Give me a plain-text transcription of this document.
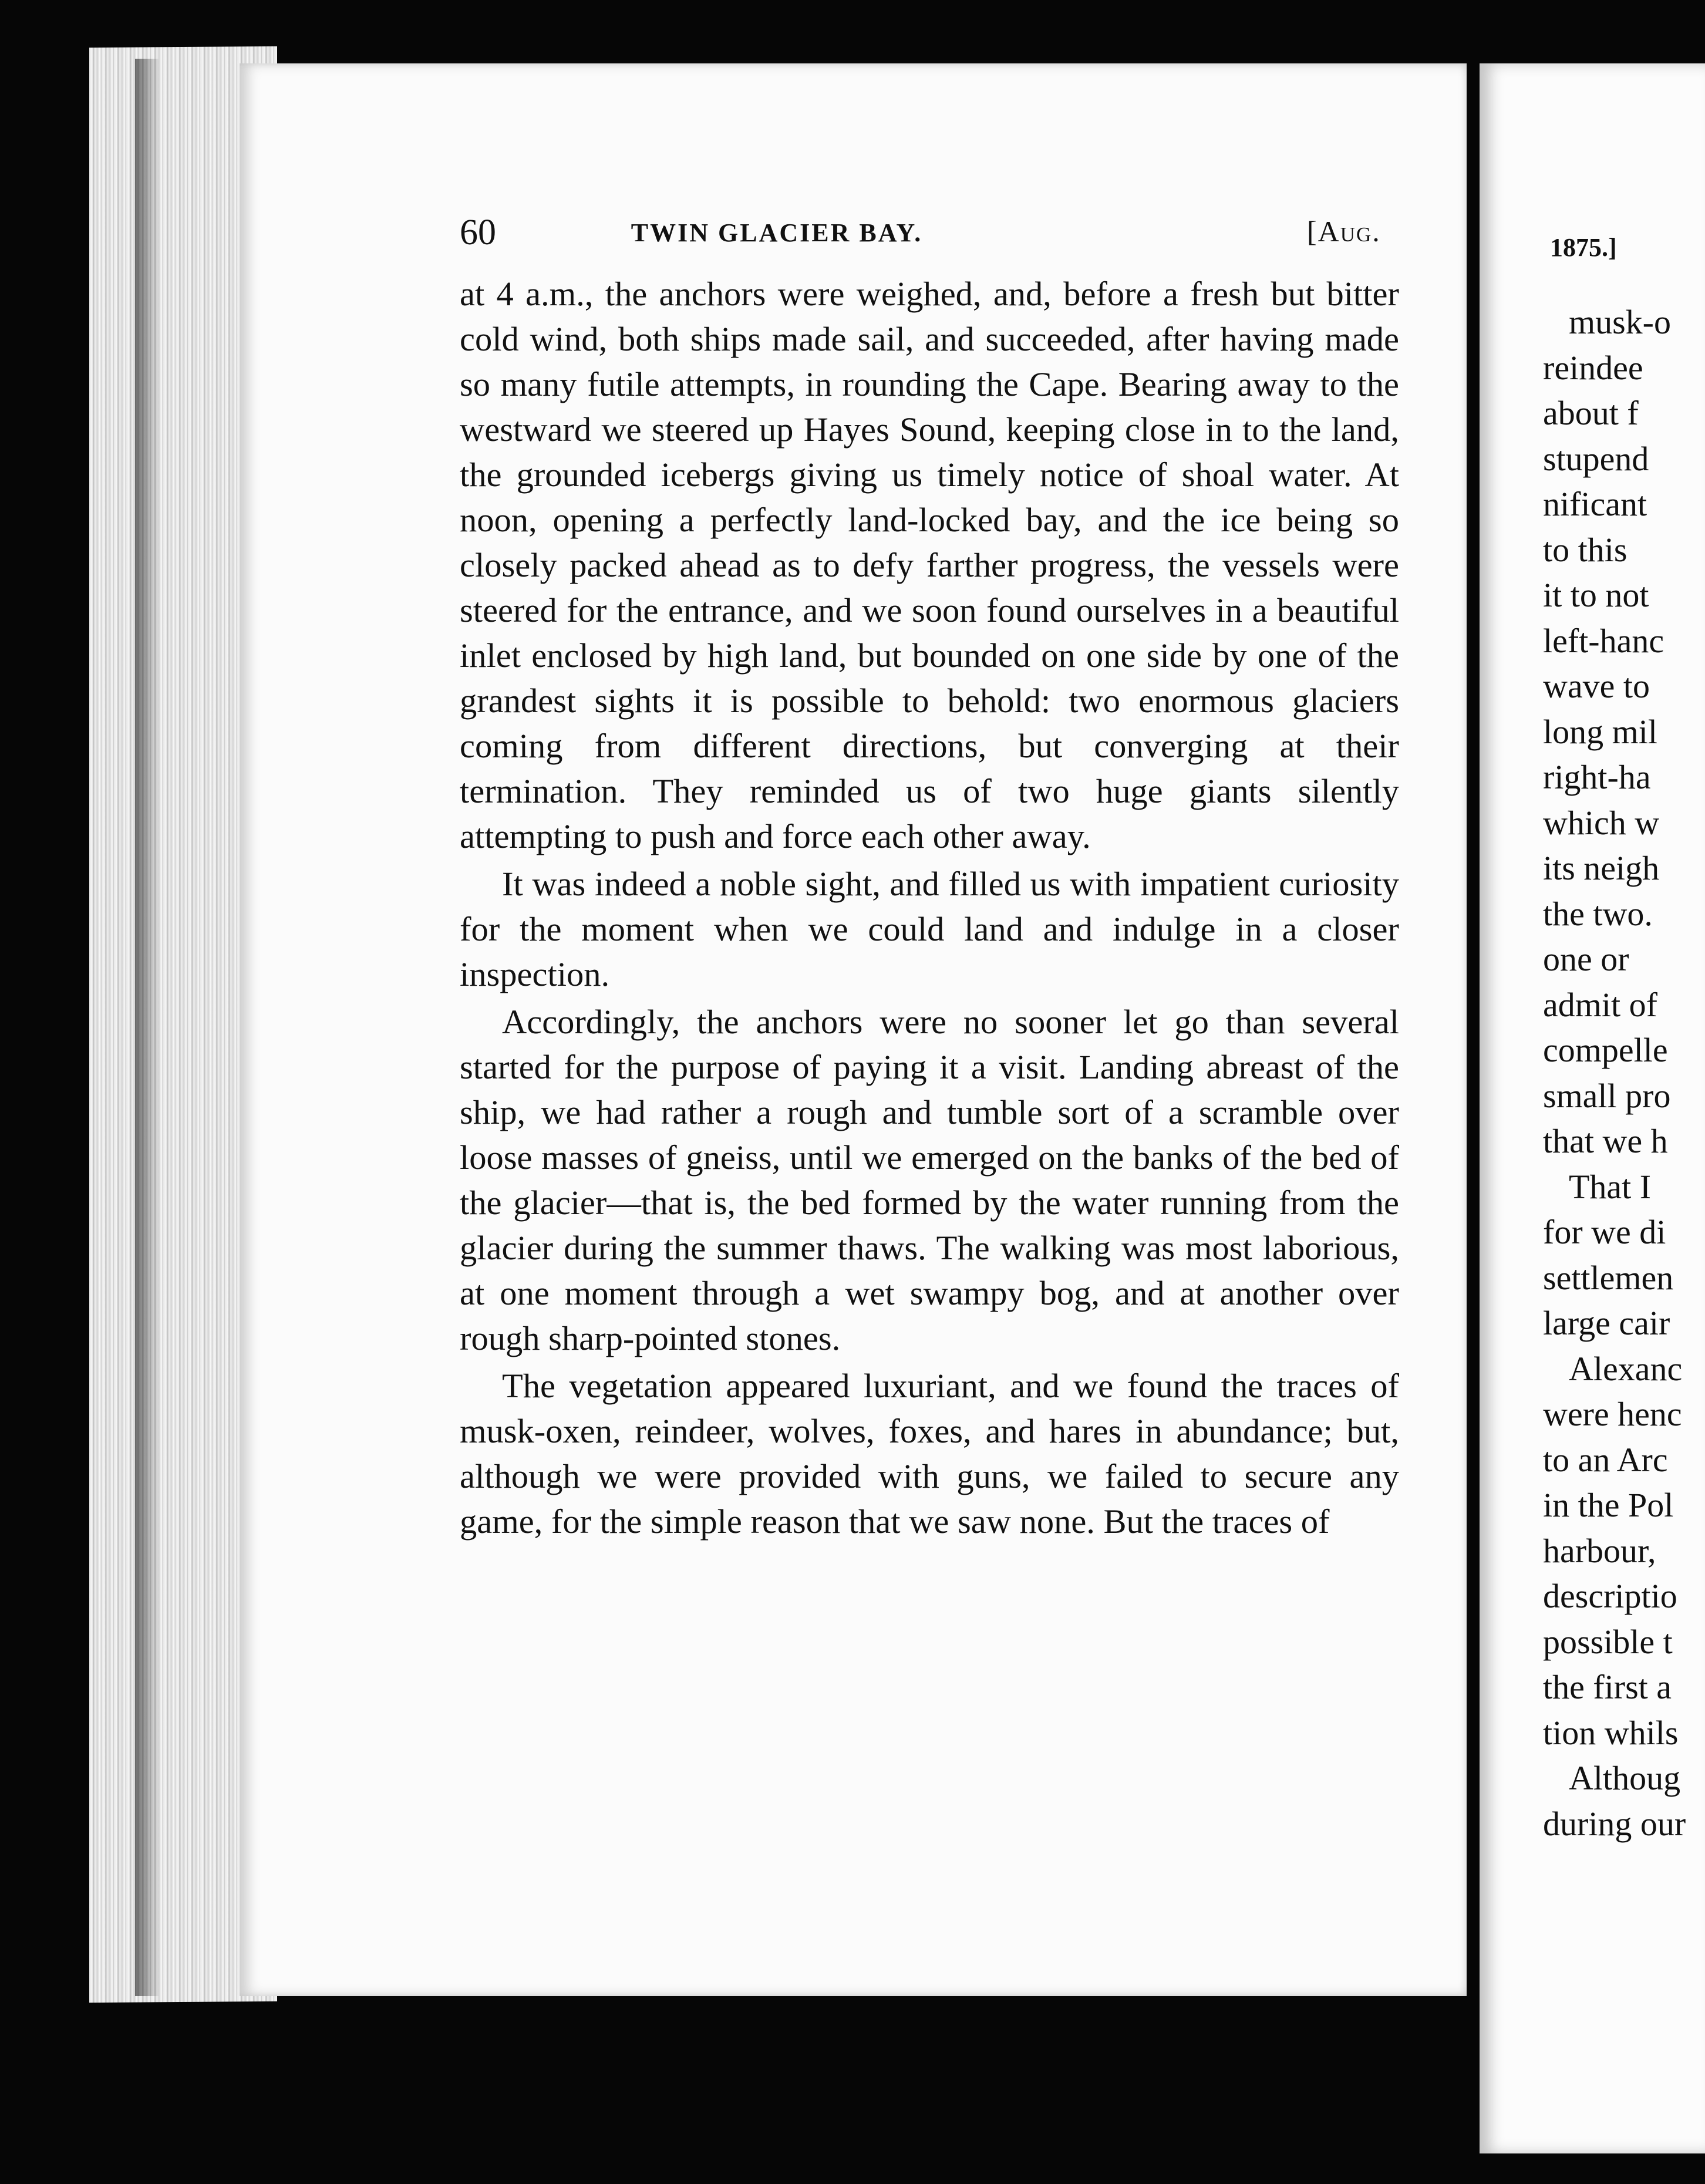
60	TWIN GLACIER BAY.	[Aug.

at 4 a.m., the anchors were weighed, and, before a fresh but bitter cold wind, both ships made sail, and succeeded, after having made so many futile attempts, in rounding the Cape. Bearing away to the westward we steered up Hayes Sound, keeping close in to the land, the grounded icebergs giving us timely notice of shoal water. At noon, opening a perfectly land-locked bay, and the ice being so closely packed ahead as to defy farther progress, the vessels were steered for the entrance, and we soon found ourselves in a beautiful inlet enclosed by high land, but bounded on one side by one of the grandest sights it is possible to behold: two enormous glaciers coming from different directions, but converging at their termination. They reminded us of two huge giants silently attempting to push and force each other away.

It was indeed a noble sight, and filled us with impatient curiosity for the moment when we could land and indulge in a closer inspection.

Accordingly, the anchors were no sooner let go than several started for the purpose of paying it a visit. Landing abreast of the ship, we had rather a rough and tumble sort of a scramble over loose masses of gneiss, until we emerged on the banks of the bed of the glacier—that is, the bed formed by the water running from the glacier during the summer thaws. The walking was most laborious, at one moment through a wet swampy bog, and at another over rough sharp-pointed stones.

The vegetation appeared luxuriant, and we found the traces of musk-oxen, reindeer, wolves, foxes, and hares in abundance; but, although we were provided with guns, we failed to secure any game, for the simple reason that we saw none. But the traces of

1875.]
musk-o
reindee
about f
stupend
nificant
to this
it to not
left-hanc
wave to
long mil
right-ha
which w
its neigh
the two.
one or
admit of
compelle
small pro
that we h
That I
for we di
settlemen
large cair
Alexanc
were henc
to an Arc
in the Pol
harbour,
descriptio
possible t
the first a
tion whils
Althoug
during our
